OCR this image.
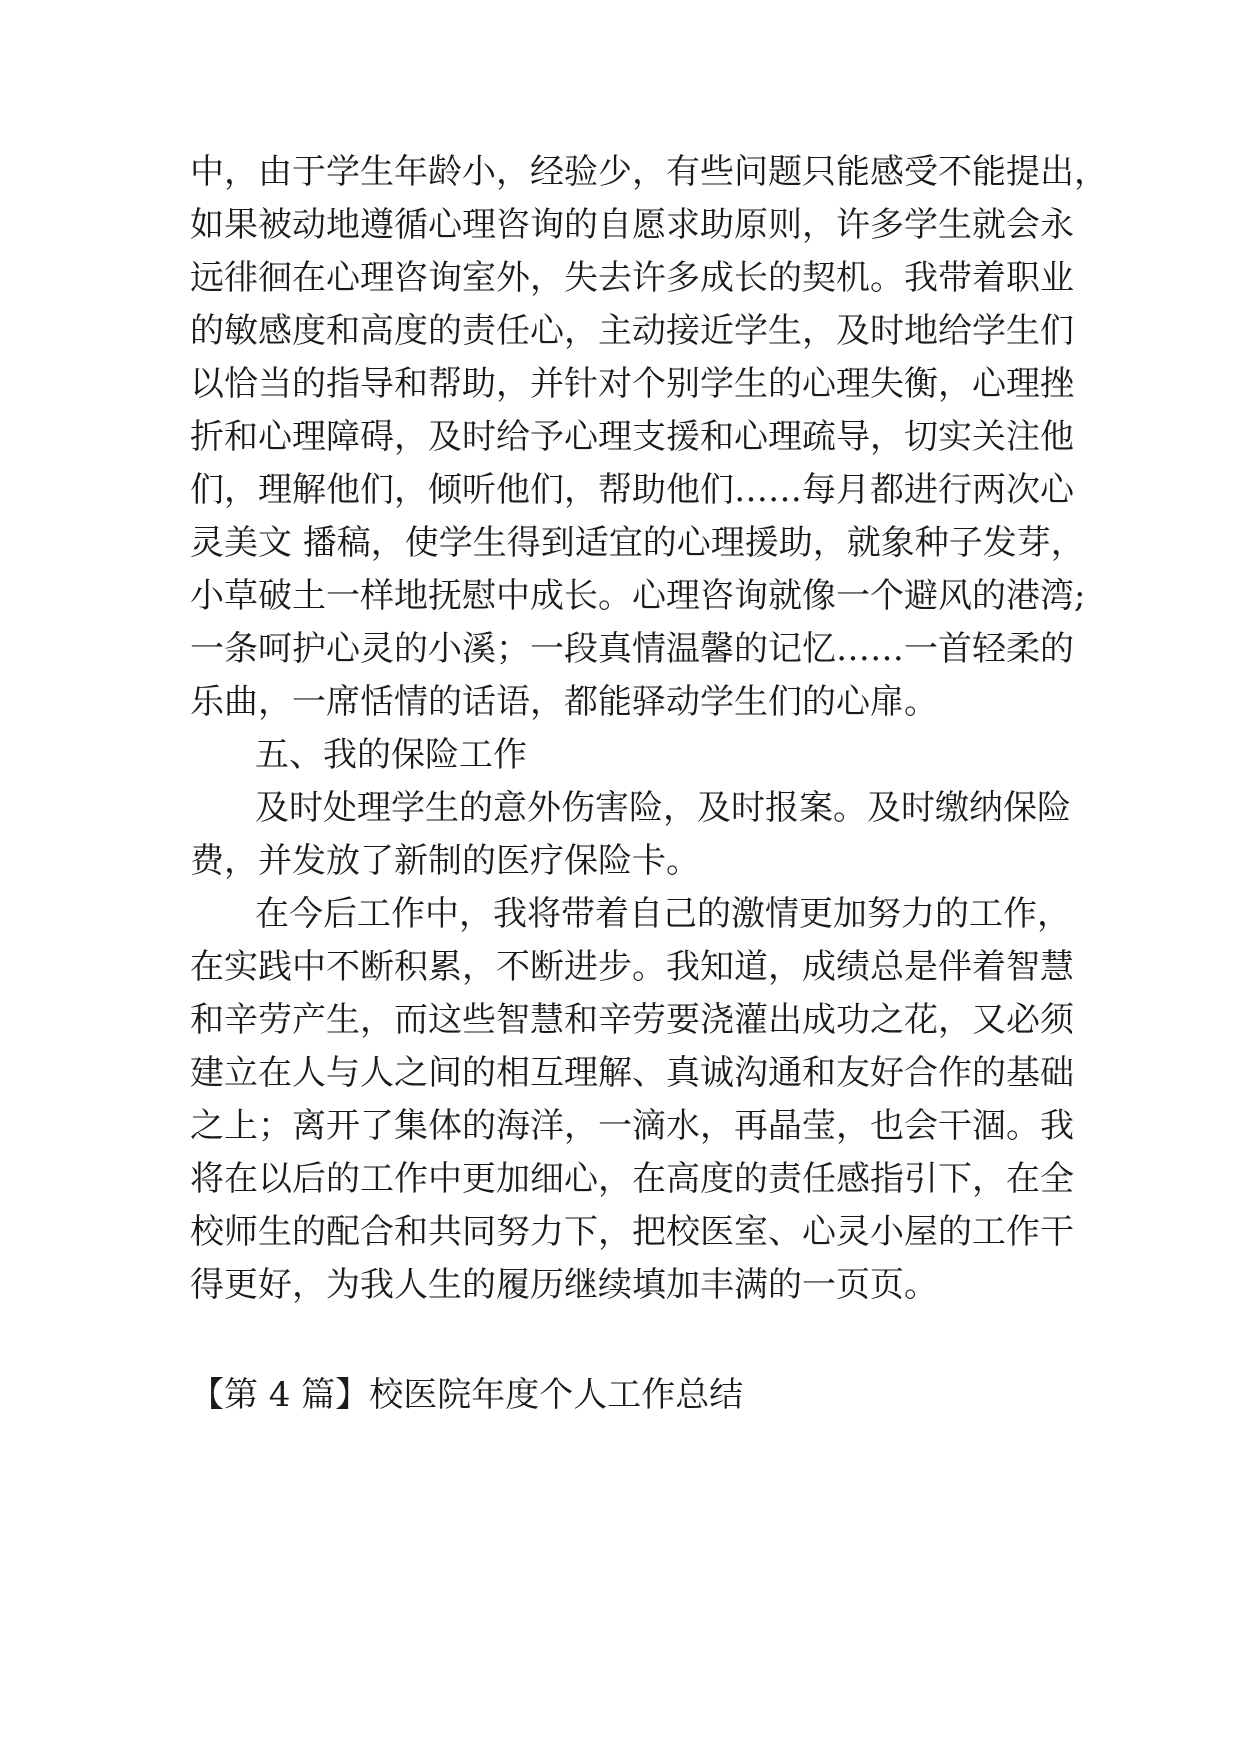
中，由于学生年龄小，经验少，有些问题只能感受不能提出，
如果被动地遵循心理咨询的自愿求助原则，许多学生就会永
远徘徊在心理咨询室外，失去许多成长的契机。我带着职业
的敏感度和高度的责任心，主动接近学生，及时地给学生们
以恰当的指导和帮助，并针对个别学生的心理失衡，心理挫
折和心理障碍，及时给予心理支援和心理疏导，切实关注他
们，理解他们，倾听他们，帮助他们……每月都进行两次心
灵美文 播稿，使学生得到适宜的心理援助，就象种子发芽，
小草破土一样地抚慰中成长。心理咨询就像一个避风的港湾;
一条呵护心灵的小溪；一段真情温馨的记忆……一首轻柔的
乐曲，一席恬情的话语，都能驿动学生们的心扉。
五、我的保险工作
及时处理学生的意外伤害险，及时报案。及时缴纳保险
费，并发放了新制的医疗保险卡。
在今后工作中，我将带着自己的激情更加努力的工作，
在实践中不断积累，不断进步。我知道，成绩总是伴着智慧
和辛劳产生，而这些智慧和辛劳要浇灌出成功之花，又必须
建立在人与人之间的相互理解、真诚沟通和友好合作的基础
之上；离开了集体的海洋，一滴水，再晶莹，也会干涸。我
将在以后的工作中更加细心，在高度的责任感指引下，在全
校师生的配合和共同努力下，把校医室、心灵小屋的工作干
得更好，为我人生的履历继续填加丰满的一页页。
【第 4 篇】校医院年度个人工作总结
